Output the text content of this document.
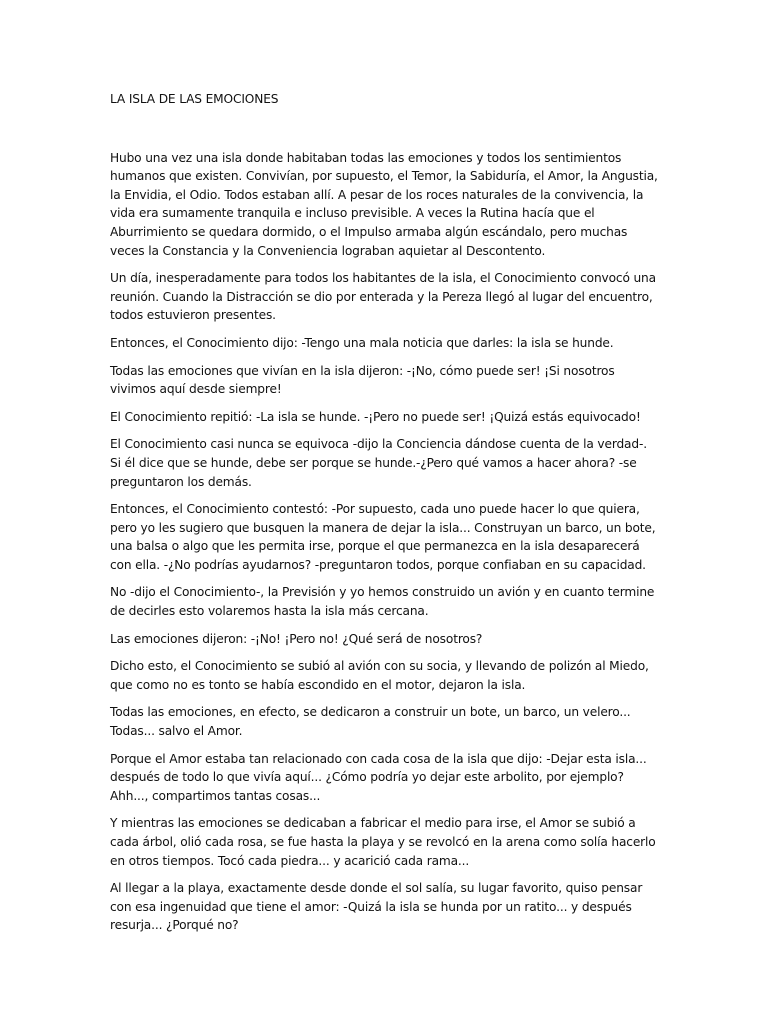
LA ISLA DE LAS EMOCIONES

Hubo una vez una isla donde habitaban todas las emociones y todos los sentimientos humanos que existen. Convivían, por supuesto, el Temor, la Sabiduría, el Amor, la Angustia, la Envidia, el Odio. Todos estaban allí. A pesar de los roces naturales de la convivencia, la vida era sumamente tranquila e incluso previsible. A veces la Rutina hacía que el Aburrimiento se quedara dormido, o el Impulso armaba algún escándalo, pero muchas veces la Constancia y la Conveniencia lograban aquietar al Descontento.

Un día, inesperadamente para todos los habitantes de la isla, el Conocimiento convocó una reunión. Cuando la Distracción se dio por enterada y la Pereza llegó al lugar del encuentro, todos estuvieron presentes.

Entonces, el Conocimiento dijo: -Tengo una mala noticia que darles: la isla se hunde.

Todas las emociones que vivían en la isla dijeron: -¡No, cómo puede ser! ¡Si nosotros vivimos aquí desde siempre!

El Conocimiento repitió: -La isla se hunde. -¡Pero no puede ser! ¡Quizá estás equivocado!

El Conocimiento casi nunca se equivoca -dijo la Conciencia dándose cuenta de la verdad-. Si él dice que se hunde, debe ser porque se hunde.-¿Pero qué vamos a hacer ahora? -se preguntaron los demás.

Entonces, el Conocimiento contestó: -Por supuesto, cada uno puede hacer lo que quiera, pero yo les sugiero que busquen la manera de dejar la isla... Construyan un barco, un bote, una balsa o algo que les permita irse, porque el que permanezca en la isla desaparecerá con ella. -¿No podrías ayudarnos? -preguntaron todos, porque confiaban en su capacidad.

No -dijo el Conocimiento-, la Previsión y yo hemos construido un avión y en cuanto termine de decirles esto volaremos hasta la isla más cercana.

Las emociones dijeron: -¡No! ¡Pero no! ¿Qué será de nosotros?

Dicho esto, el Conocimiento se subió al avión con su socia, y llevando de polizón al Miedo, que como no es tonto se había escondido en el motor, dejaron la isla.

Todas las emociones, en efecto, se dedicaron a construir un bote, un barco, un velero... Todas... salvo el Amor.

Porque el Amor estaba tan relacionado con cada cosa de la isla que dijo: -Dejar esta isla... después de todo lo que vivía aquí... ¿Cómo podría yo dejar este arbolito, por ejemplo? Ahh..., compartimos tantas cosas...

Y mientras las emociones se dedicaban a fabricar el medio para irse, el Amor se subió a cada árbol, olió cada rosa, se fue hasta la playa y se revolcó en la arena como solía hacerlo en otros tiempos. Tocó cada piedra... y acarició cada rama...

Al llegar a la playa, exactamente desde donde el sol salía, su lugar favorito, quiso pensar con esa ingenuidad que tiene el amor: -Quizá la isla se hunda por un ratito... y después resurja... ¿Porqué no?
